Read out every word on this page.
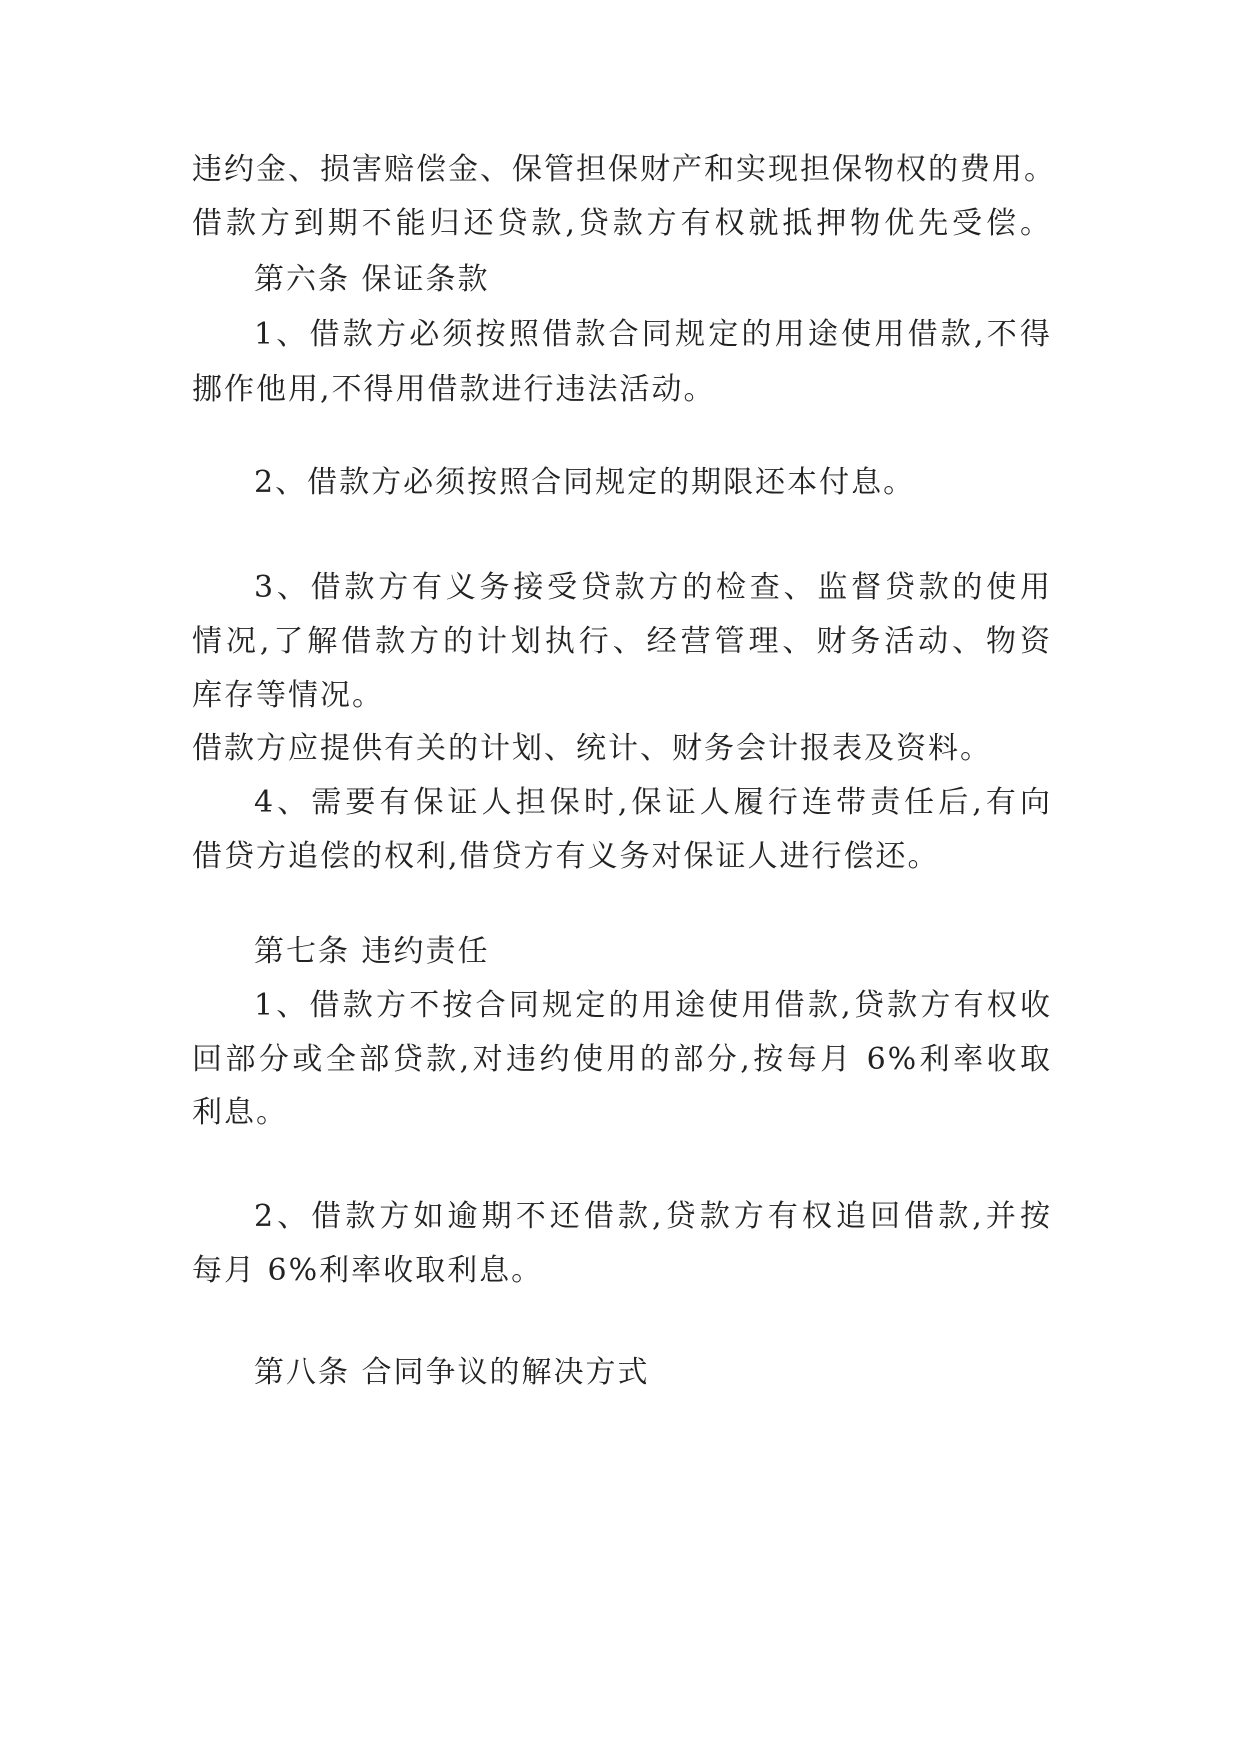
违约金、损害赔偿金、保管担保财产和实现担保物权的费用。
借款方到期不能归还贷款,贷款方有权就抵押物优先受偿。
第六条 保证条款
1、借款方必须按照借款合同规定的用途使用借款,不得
挪作他用,不得用借款进行违法活动。
2、借款方必须按照合同规定的期限还本付息。
3、借款方有义务接受贷款方的检查、监督贷款的使用
情况,了解借款方的计划执行、经营管理、财务活动、物资
库存等情况。
借款方应提供有关的计划、统计、财务会计报表及资料。
4、需要有保证人担保时,保证人履行连带责任后,有向
借贷方追偿的权利,借贷方有义务对保证人进行偿还。
第七条 违约责任
1、借款方不按合同规定的用途使用借款,贷款方有权收
回部分或全部贷款,对违约使用的部分,按每月 6%利率收取
利息。
2、借款方如逾期不还借款,贷款方有权追回借款,并按
每月 6%利率收取利息。
第八条 合同争议的解决方式
